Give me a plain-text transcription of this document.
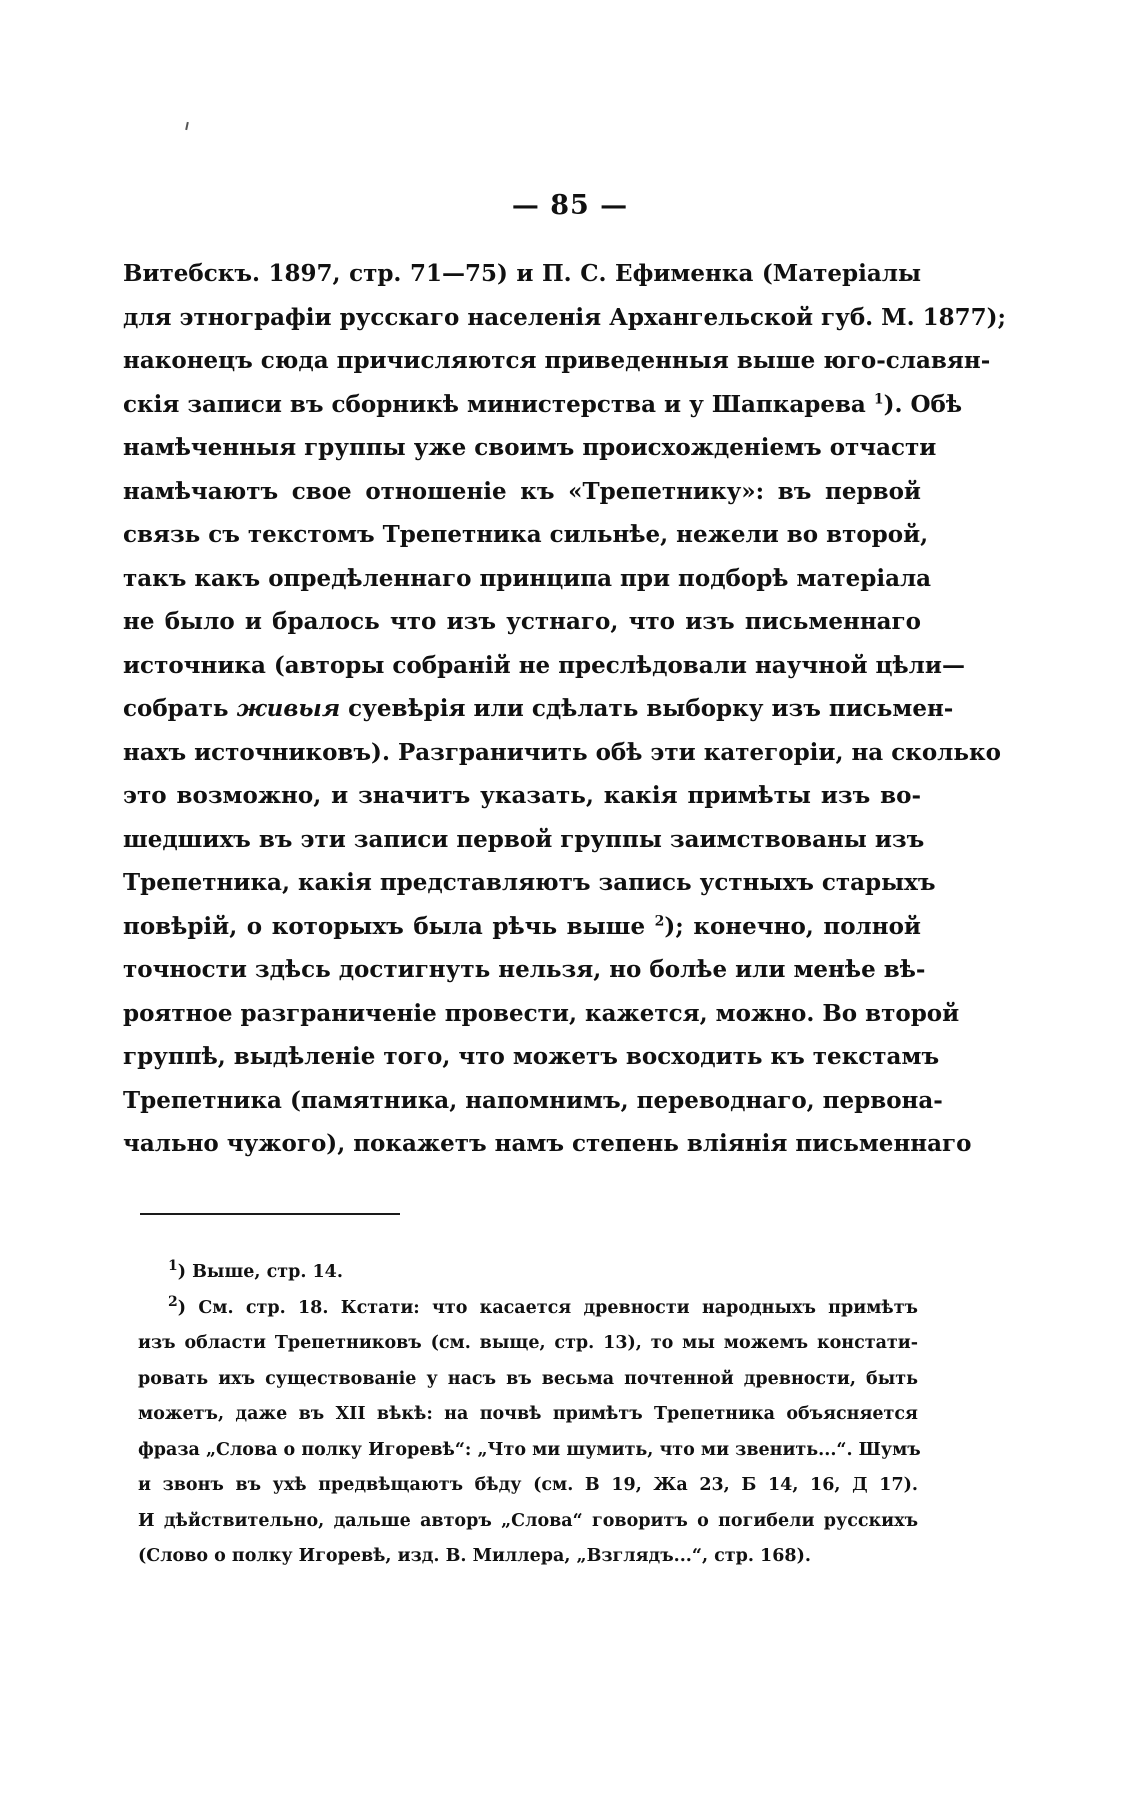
— 85 —
Витебскъ. 1897, стр. 71—75) и П. С. Ефименка (Матеріалы
для этнографіи русскаго населенія Архангельской губ. М. 1877);
наконецъ сюда причисляются приведенныя выше юго-славян-
скія записи въ сборникѣ министерства и у Шапкарева $^1$). Обѣ
намѣченныя группы уже своимъ происхожденіемъ отчасти
намѣчаютъ свое отношеніе къ «Трепетнику»: въ первой
связь съ текстомъ Трепетника сильнѣе, нежели во второй,
такъ какъ опредѣленнаго принципа при подборѣ матеріала
не было и бралось что изъ устнаго, что изъ письменнаго
источника (авторы собраній не преслѣдовали научной цѣли—
собрать живыя суевѣрія или сдѣлать выборку изъ письмен-
нахъ источниковъ). Разграничить обѣ эти категоріи, на сколько
это возможно, и значитъ указать, какія примѣты изъ во-
шедшихъ въ эти записи первой группы заимствованы изъ
Трепетника, какія представляютъ запись устныхъ старыхъ
повѣрій, о которыхъ была рѣчь выше $^2$); конечно, полной
точности здѣсь достигнуть нельзя, но болѣе или менѣе вѣ-
роятное разграниченіе провести, кажется, можно. Во второй
группѣ, выдѣленіе того, что можетъ восходить къ текстамъ
Трепетника (памятника, напомнимъ, переводнаго, первона-
чально чужого), покажетъ намъ степень вліянія письменнаго
$^1$) Выше, стр. 14.
$^2$) См. стр. 18. Кстати: что касается древности народныхъ примѣтъ
изъ области Трепетниковъ (см. выще, стр. 13), то мы можемъ констати-
ровать ихъ существованіе у насъ въ весьма почтенной древности, быть
можетъ, даже въ XII вѣкѣ: на почвѣ примѣтъ Трепетника объясняется
фраза „Слова о полку Игоревѣ“: „Что ми шумить, что ми звенить...“. Шумъ
и звонъ въ ухѣ предвѣщаютъ бѣду (см. В 19, Жа 23, Б 14, 16, Д 17).
И дѣйствительно, дальше авторъ „Слова“ говоритъ о погибели русскихъ
(Слово о полку Игоревѣ, изд. В. Миллера, „Взглядъ...“, стр. 168).
